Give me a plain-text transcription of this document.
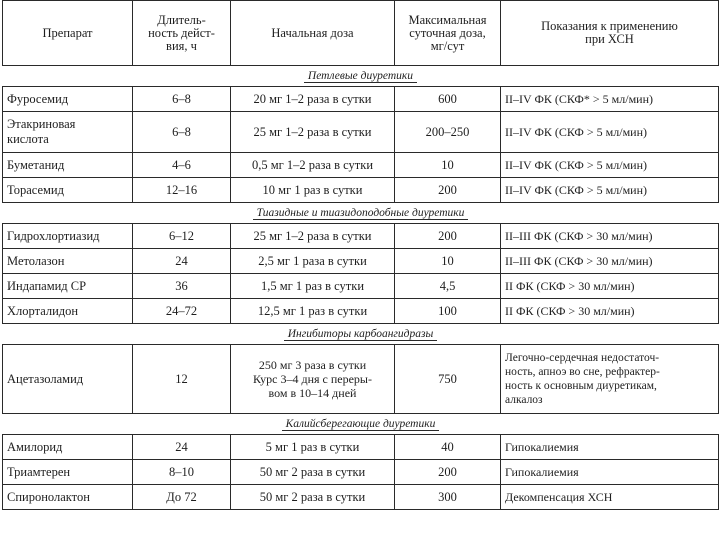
Препарат	Длитель-
ность дейст-
вия, ч	Начальная доза	Максимальная
суточная доза,
мг/сут	Показания к применению
при ХСН
Петлевые диуретики				
Фуросемид	6–8	20 мг 1–2 раза в сутки	600	II–IV ФК (СКФ* > 5 мл/мин)
Этакриновая
кислота	6–8	25 мг 1–2 раза в сутки	200–250	II–IV ФК (СКФ > 5 мл/мин)
Буметанид	4–6	0,5 мг 1–2 раза в сутки	10	II–IV ФК (СКФ > 5 мл/мин)
Торасемид	12–16	10 мг 1 раз в сутки	200	II–IV ФК (СКФ > 5 мл/мин)
Тиазидные и тиазидоподобные диуретики				
Гидрохлортиазид	6–12	25 мг 1–2 раза в сутки	200	II–III ФК (СКФ > 30 мл/мин)
Метолазон	24	2,5 мг 1 раза в сутки	10	II–III ФК (СКФ > 30 мл/мин)
Индапамид СР	36	1,5 мг 1 раз в сутки	4,5	II ФК (СКФ > 30 мл/мин)
Хлорталидон	24–72	12,5 мг 1 раз в сутки	100	II ФК (СКФ > 30 мл/мин)
Ингибиторы карбоангидразы				
Ацетазоламид	12	250 мг 3 раза в сутки
Курс 3–4 дня с переры-
вом в 10–14 дней	750	Легочно-сердечная недостаточ-
ность, апноэ во сне, рефрактер-
ность к основным диуретикам,
алкалоз
Калийсберегающие диуретики				
Амилорид	24	5 мг 1 раз в сутки	40	Гипокалиемия
Триамтерен	8–10	50 мг 2 раза в сутки	200	Гипокалиемия
Спиронолактон	До 72	50 мг 2 раза в сутки	300	Декомпенсация ХСН
